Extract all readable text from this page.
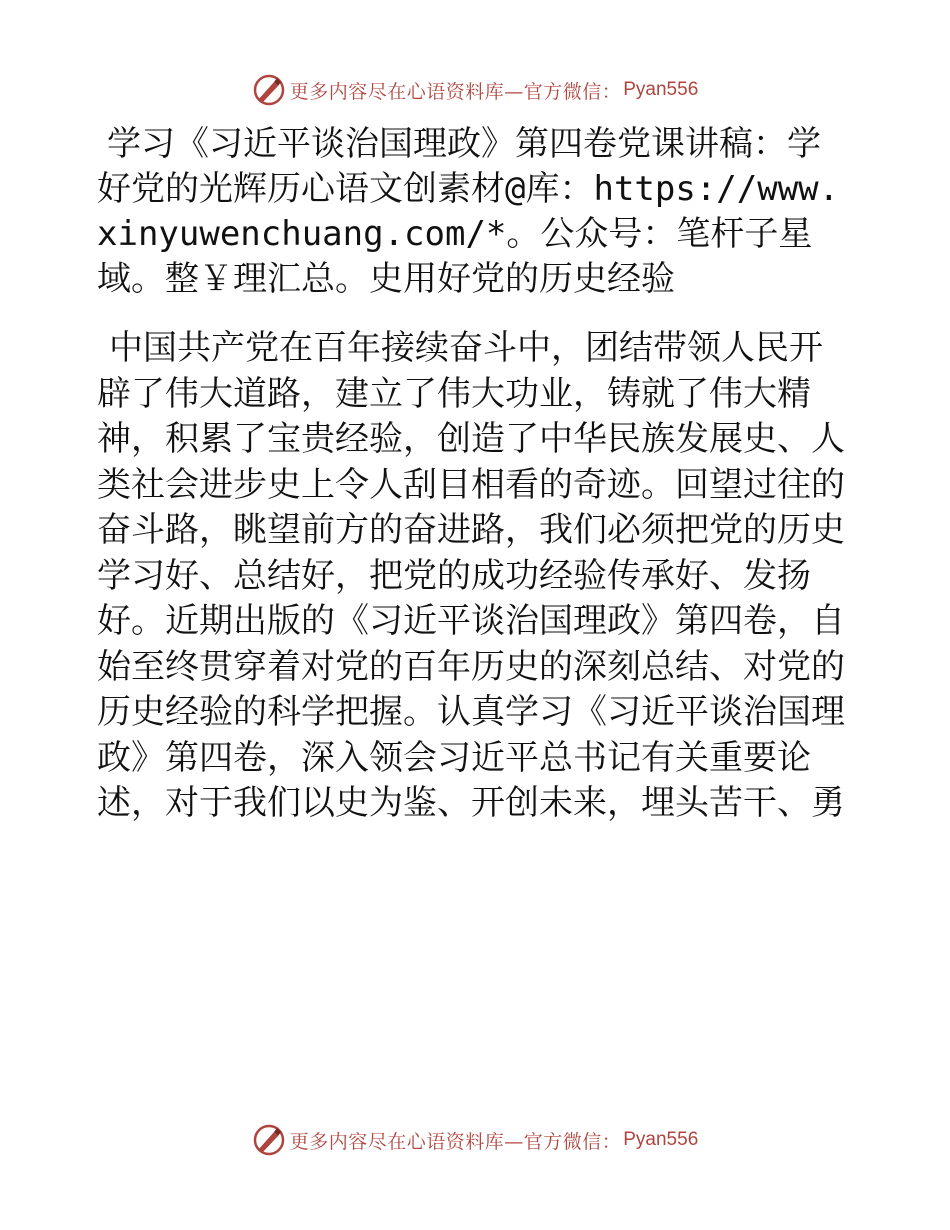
更多内容尽在心语资料库—官方微信： Pyan556
学习《习近平谈治国理政》第四卷党课讲稿：学好党的光辉历心语文创素材@库：https://www.xinyuwenchuang.com/*。公众号：笔杆子星域。整￥理汇总。史用好党的历史经验

中国共产党在百年接续奋斗中，团结带领人民开辟了伟大道路，建立了伟大功业，铸就了伟大精神，积累了宝贵经验，创造了中华民族发展史、人类社会进步史上令人刮目相看的奇迹。回望过往的奋斗路，眺望前方的奋进路，我们必须把党的历史学习好、总结好，把党的成功经验传承好、发扬好。近期出版的《习近平谈治国理政》第四卷，自始至终贯穿着对党的百年历史的深刻总结、对党的历史经验的科学把握。认真学习《习近平谈治国理政》第四卷，深入领会习近平总书记有关重要论述，对于我们以史为鉴、开创未来，埋头苦干、勇

更多内容尽在心语资料库—官方微信： Pyan556
